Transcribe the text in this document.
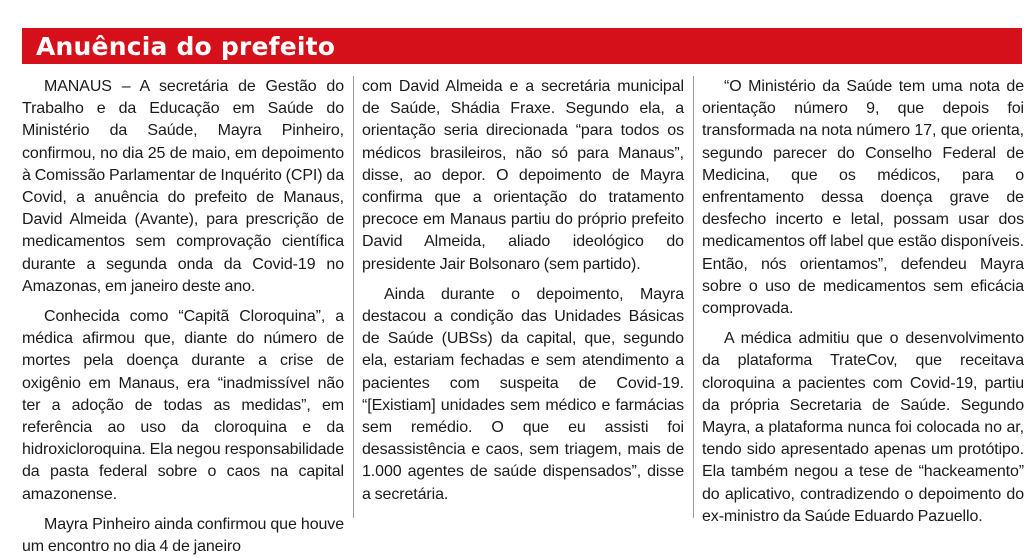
Anuência do prefeito

MANAUS – A secretária de Gestão do Trabalho e da Educação em Saúde do Ministério da Saúde, Mayra Pinheiro, confirmou, no dia 25 de maio, em depoimento à Comissão Parlamentar de Inquérito (CPI) da Covid, a anuência do prefeito de Manaus, David Almeida (Avante), para prescrição de medicamentos sem comprovação científica durante a segunda onda da Covid-19 no Amazonas, em janeiro deste ano.

Conhecida como “Capitã Cloroquina”, a médica afirmou que, diante do número de mortes pela doença durante a crise de oxigênio em Manaus, era “inadmissível não ter a adoção de todas as medidas”, em referência ao uso da cloroquina e da hidroxicloroquina. Ela negou responsabilidade da pasta federal sobre o caos na capital amazonense.

Mayra Pinheiro ainda confirmou que houve um encontro no dia 4 de janeiro

com David Almeida e a secretária municipal de Saúde, Shádia Fraxe. Segundo ela, a orientação seria direcionada “para todos os médicos brasileiros, não só para Manaus”, disse, ao depor. O depoimento de Mayra confirma que a orientação do tratamento precoce em Manaus partiu do próprio prefeito David Almeida, aliado ideológico do presidente Jair Bolsonaro (sem partido).

Ainda durante o depoimento, Mayra destacou a condição das Unidades Básicas de Saúde (UBSs) da capital, que, segundo ela, estariam fechadas e sem atendimento a pacientes com suspeita de Covid-19. “[Existiam] unidades sem médico e farmácias sem remédio. O que eu assisti foi desassistência e caos, sem triagem, mais de 1.000 agentes de saúde dispensados”, disse a secretária.

“O Ministério da Saúde tem uma nota de orientação número 9, que depois foi transformada na nota número 17, que orienta, segundo parecer do Conselho Federal de Medicina, que os médicos, para o enfrentamento dessa doença grave de desfecho incerto e letal, possam usar dos medicamentos off label que estão disponíveis. Então, nós orientamos”, defendeu Mayra sobre o uso de medicamentos sem eficácia comprovada.

A médica admitiu que o desenvolvimento da plataforma TrateCov, que receitava cloroquina a pacientes com Covid-19, partiu da própria Secretaria de Saúde. Segundo Mayra, a plataforma nunca foi colocada no ar, tendo sido apresentado apenas um protótipo. Ela também negou a tese de “hackeamento” do aplicativo, contradizendo o depoimento do ex-ministro da Saúde Eduardo Pazuello.
